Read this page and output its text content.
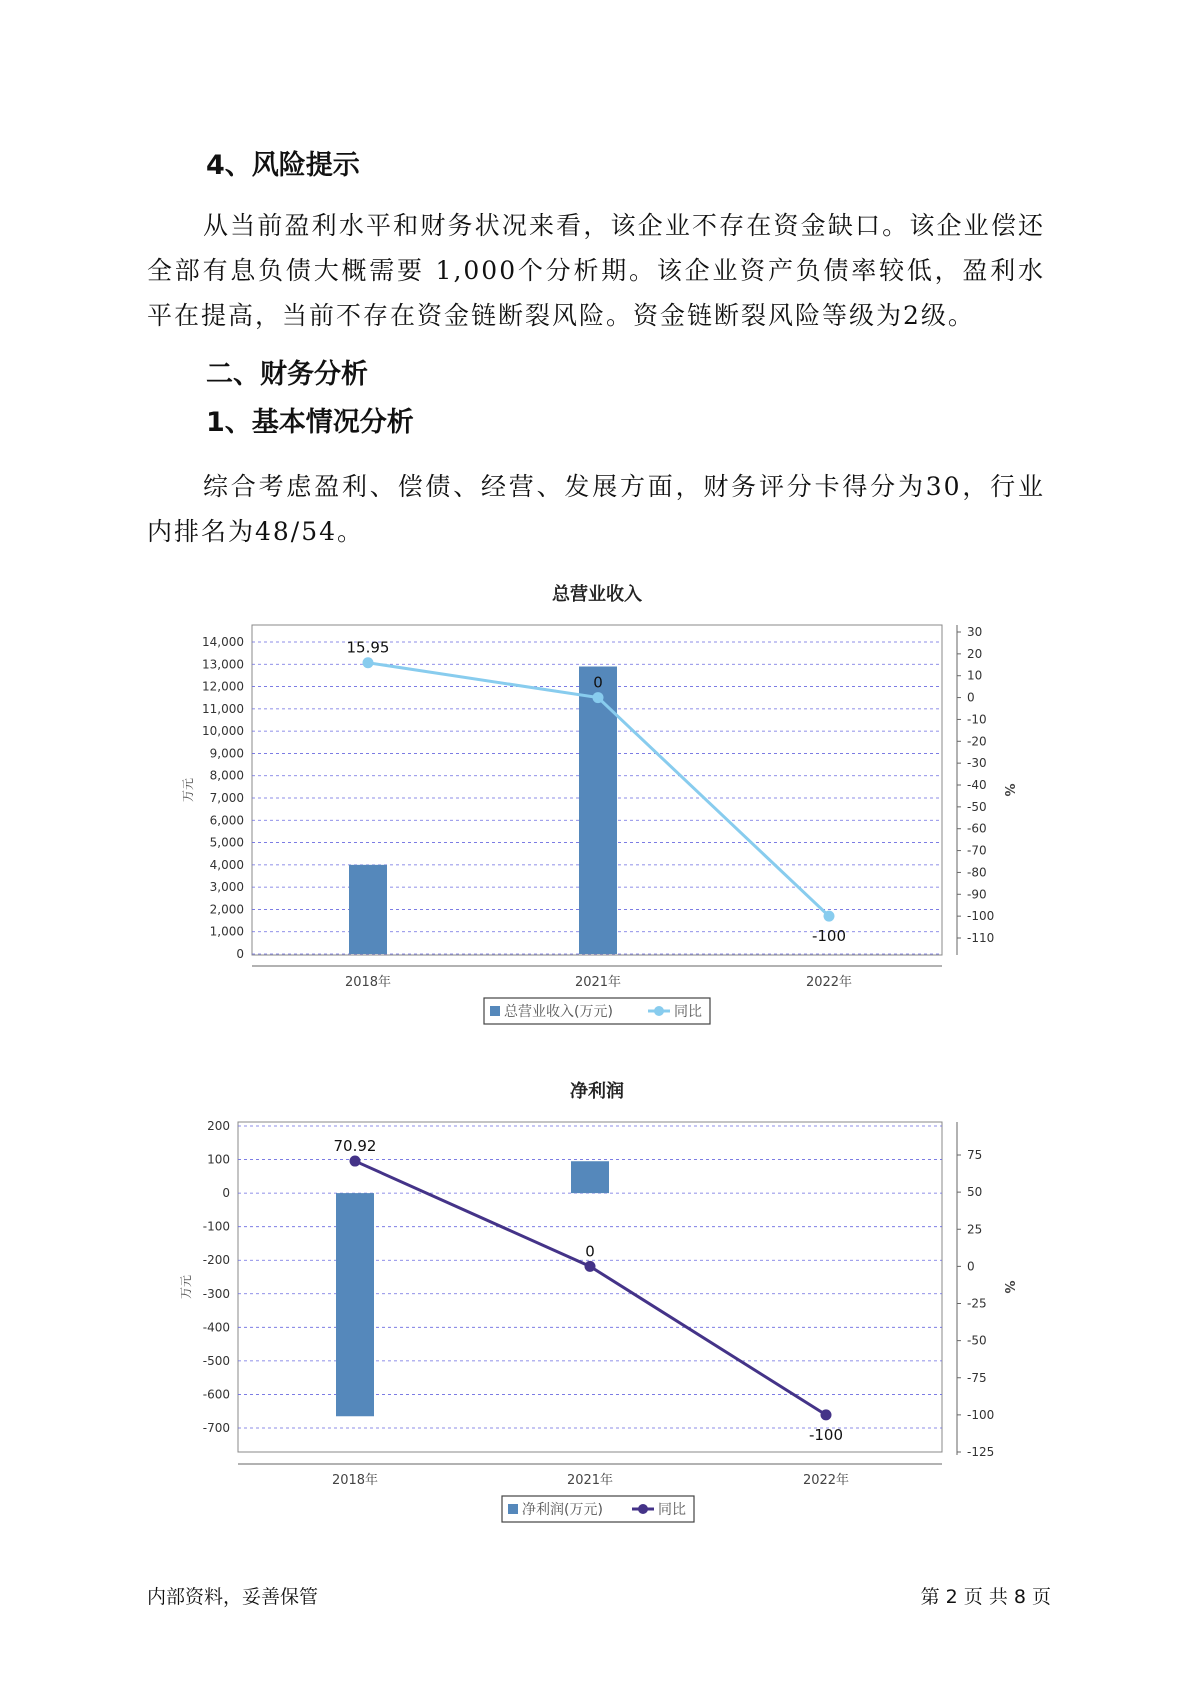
4、风险提示

从当前盈利水平和财务状况来看，该企业不存在资金缺口。该企业偿还全部有息负债大概需要 1,000个分析期。该企业资产负债率较低，盈利水平在提高，当前不存在资金链断裂风险。资金链断裂风险等级为2级。

二、财务分析
1、基本情况分析

综合考虑盈利、偿债、经营、发展方面，财务评分卡得分为30，行业内排名为48/54。

总营业收入
15.95
0
-100
0
1,000
2,000
3,000
4,000
5,000
6,000
7,000
8,000
9,000
10,000
11,000
12,000
13,000
14,000
30
20
10
0
-10
-20
-30
-40
-50
-60
-70
-80
-90
-100
-110
2018年	2021年	2022年
万元	%
总营业收入(万元)	同比
净利润
70.92
0
-100
200
100
0
-100
-200
-300
-400
-500
-600
-700
75
50
25
0
-25
-50
-75
-100
-125
2018年	2021年	2022年
万元	%
净利润(万元)	同比
内部资料，妥善保管	第 2 页 共 8 页
